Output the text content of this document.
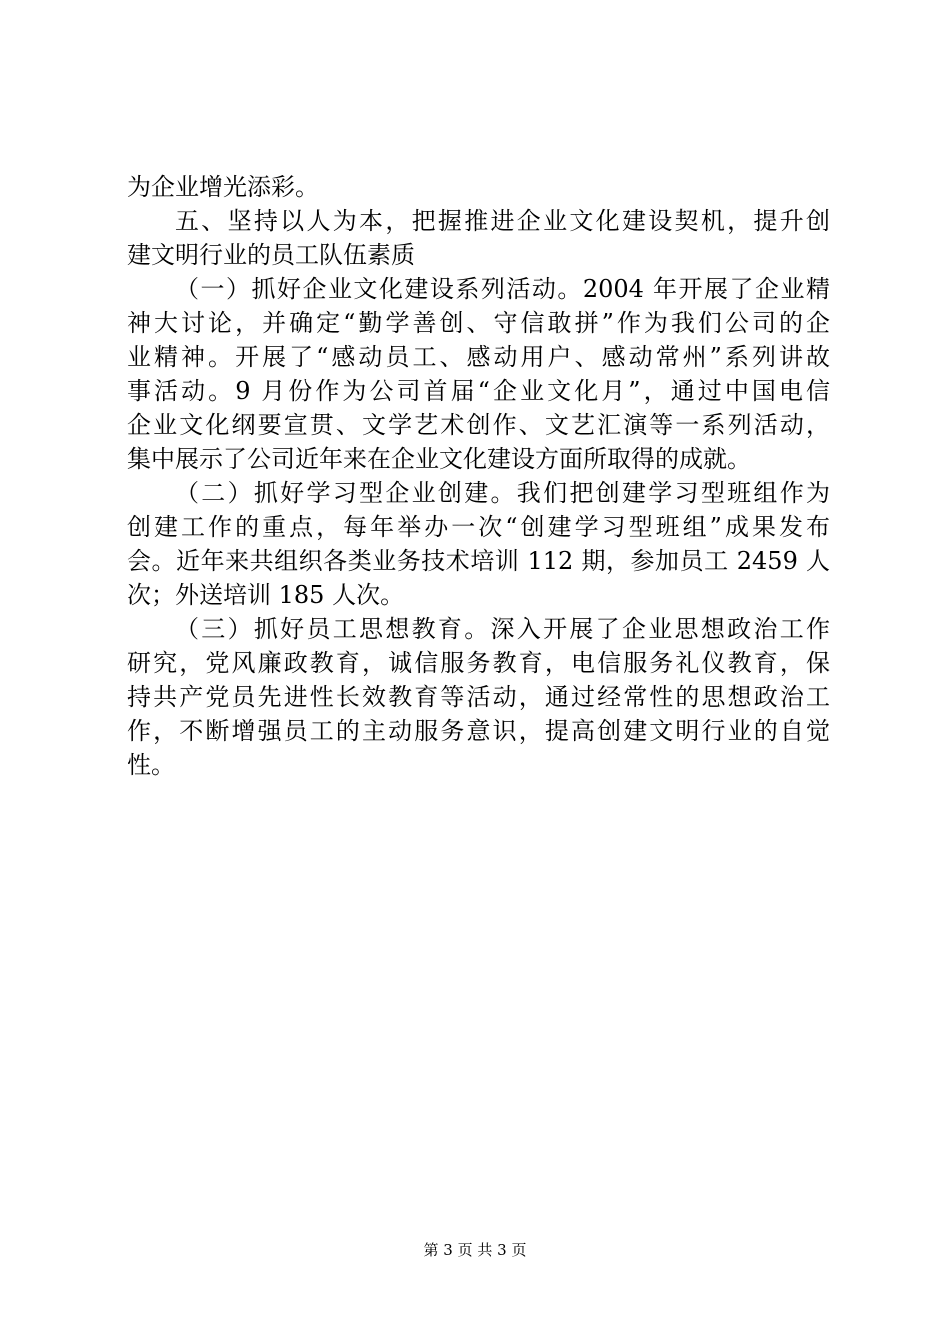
为企业增光添彩。
五、坚持以人为本，把握推进企业文化建设契机，提升创
建文明行业的员工队伍素质
（一）抓好企业文化建设系列活动。2004 年开展了企业精
神大讨论，并确定“勤学善创、守信敢拼”作为我们公司的企
业精神。开展了“感动员工、感动用户、感动常州”系列讲故
事活动。9 月份作为公司首届“企业文化月”，通过中国电信
企业文化纲要宣贯、文学艺术创作、文艺汇演等一系列活动，
集中展示了公司近年来在企业文化建设方面所取得的成就。
（二）抓好学习型企业创建。我们把创建学习型班组作为
创建工作的重点，每年举办一次“创建学习型班组”成果发布
会。近年来共组织各类业务技术培训 112 期，参加员工 2459 人
次；外送培训 185 人次。
（三）抓好员工思想教育。深入开展了企业思想政治工作
研究，党风廉政教育，诚信服务教育，电信服务礼仪教育，保
持共产党员先进性长效教育等活动，通过经常性的思想政治工
作，不断增强员工的主动服务意识，提高创建文明行业的自觉
性。
第 3 页 共 3 页
